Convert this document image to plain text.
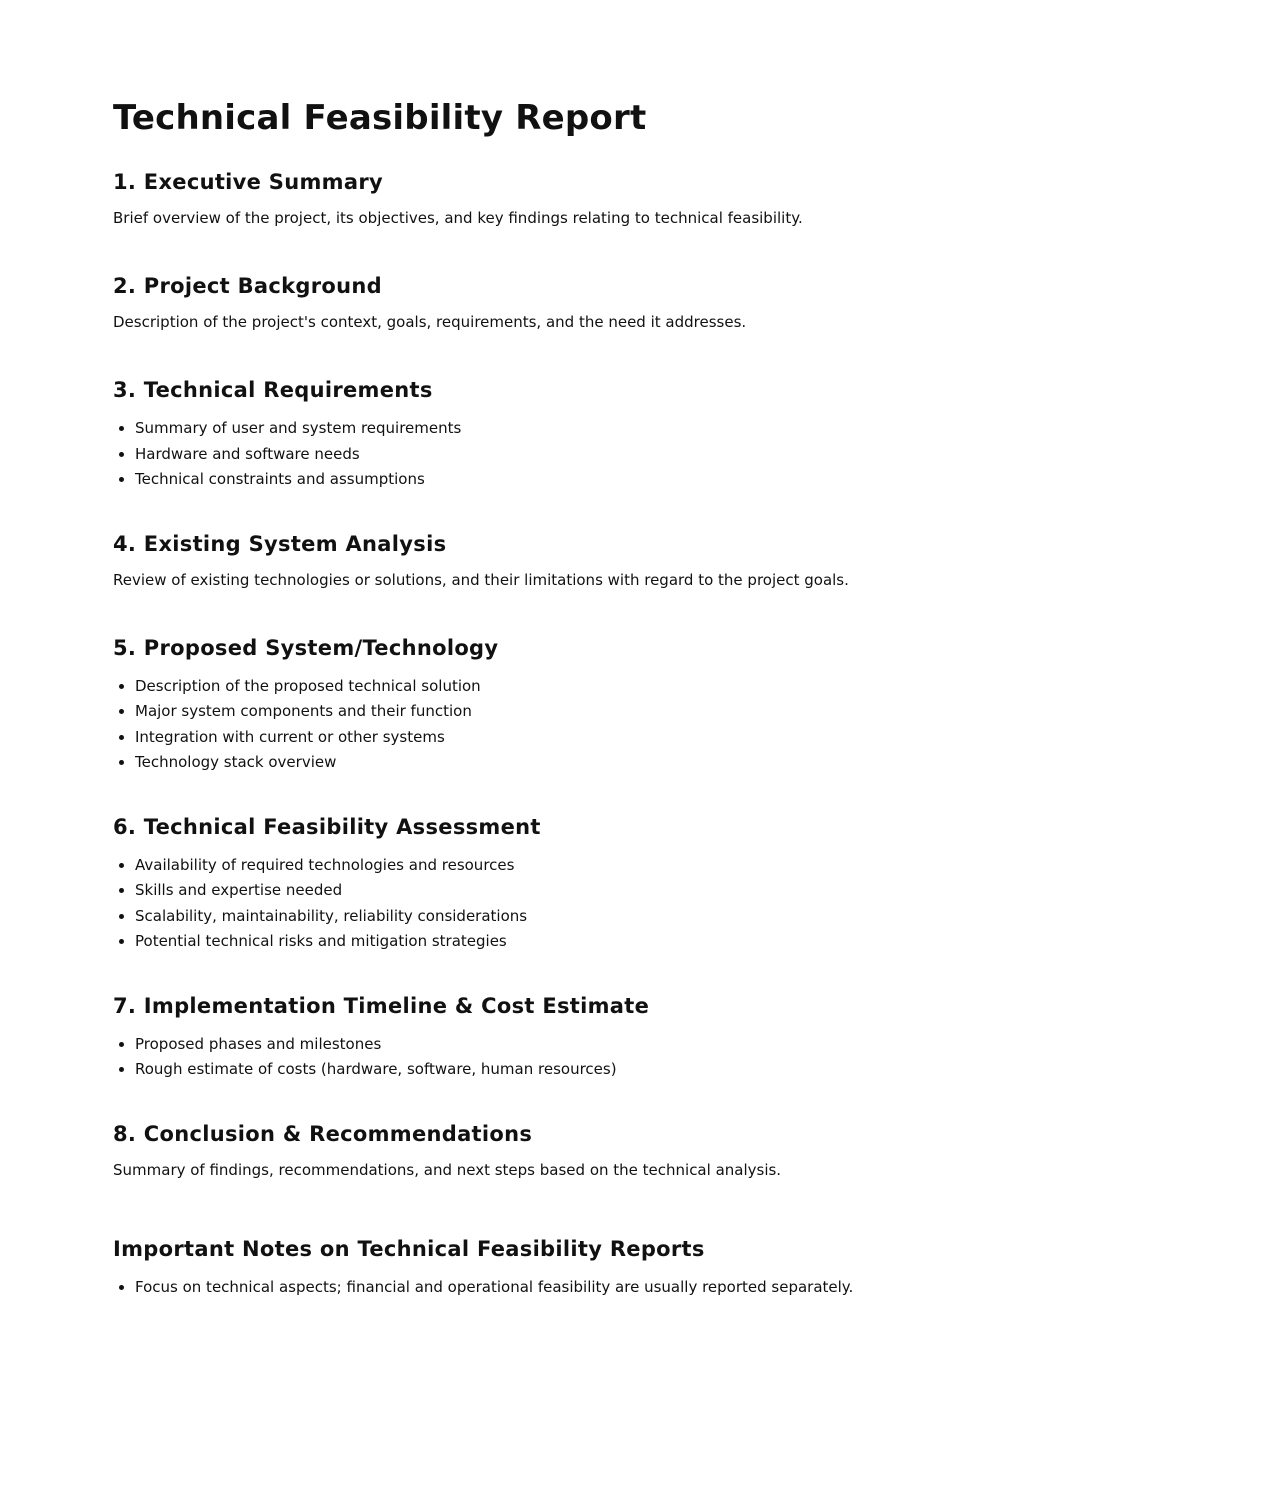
Technical Feasibility Report
1. Executive Summary

Brief overview of the project, its objectives, and key findings relating to technical feasibility.

2. Project Background

Description of the project's context, goals, requirements, and the need it addresses.

3. Technical Requirements
• Summary of user and system requirements
• Hardware and software needs
• Technical constraints and assumptions
4. Existing System Analysis

Review of existing technologies or solutions, and their limitations with regard to the project goals.

5. Proposed System/Technology
• Description of the proposed technical solution
• Major system components and their function
• Integration with current or other systems
• Technology stack overview
6. Technical Feasibility Assessment
• Availability of required technologies and resources
• Skills and expertise needed
• Scalability, maintainability, reliability considerations
• Potential technical risks and mitigation strategies
7. Implementation Timeline & Cost Estimate
• Proposed phases and milestones
• Rough estimate of costs (hardware, software, human resources)
8. Conclusion & Recommendations

Summary of findings, recommendations, and next steps based on the technical analysis.

Important Notes on Technical Feasibility Reports
• Focus on technical aspects; financial and operational feasibility are usually reported separately.
